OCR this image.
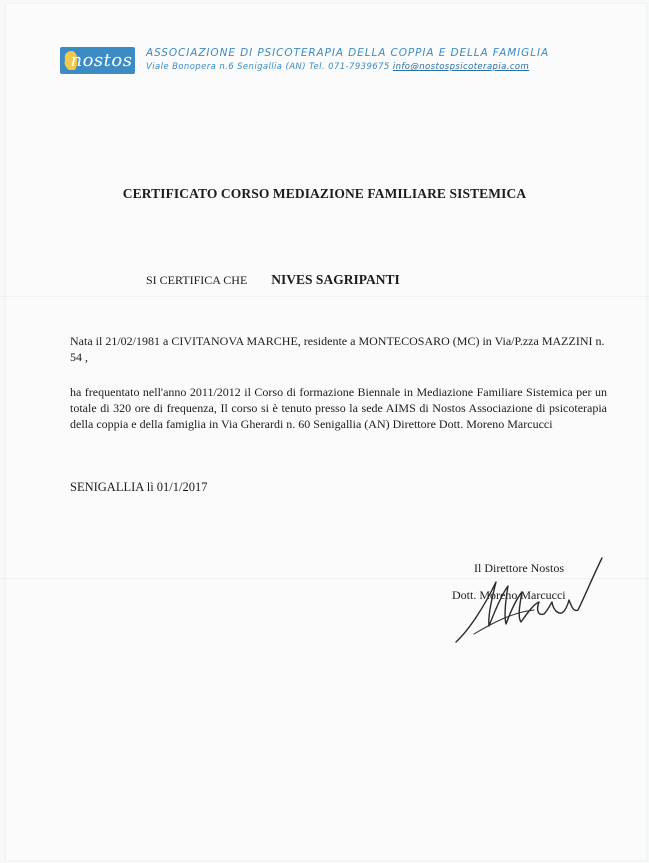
nostos ASSOCIAZIONE DI PSICOTERAPIA DELLA COPPIA E DELLA FAMIGLIA
Viale Bonopera n.6 Senigallia (AN) Tel. 071-7939675 info@nostospsicoterapia.com
CERTIFICATO CORSO MEDIAZIONE FAMILIARE SISTEMICA
SI CERTIFICA CHE NIVES SAGRIPANTI
Nata il 21/02/1981 a CIVITANOVA MARCHE, residente a MONTECOSARO (MC) in Via/P.zza MAZZINI n. 54 ,
ha frequentato nell'anno 2011/2012 il Corso di formazione Biennale in Mediazione Familiare Sistemica per un totale di 320 ore di frequenza, Il corso si è tenuto presso la sede AIMS di Nostos Associazione di psicoterapia della coppia e della famiglia in Via Gherardi n. 60 Senigallia (AN) Direttore Dott. Moreno Marcucci
SENIGALLIA lì 01/1/2017
Il Direttore Nostos
Dott. Moreno Marcucci
